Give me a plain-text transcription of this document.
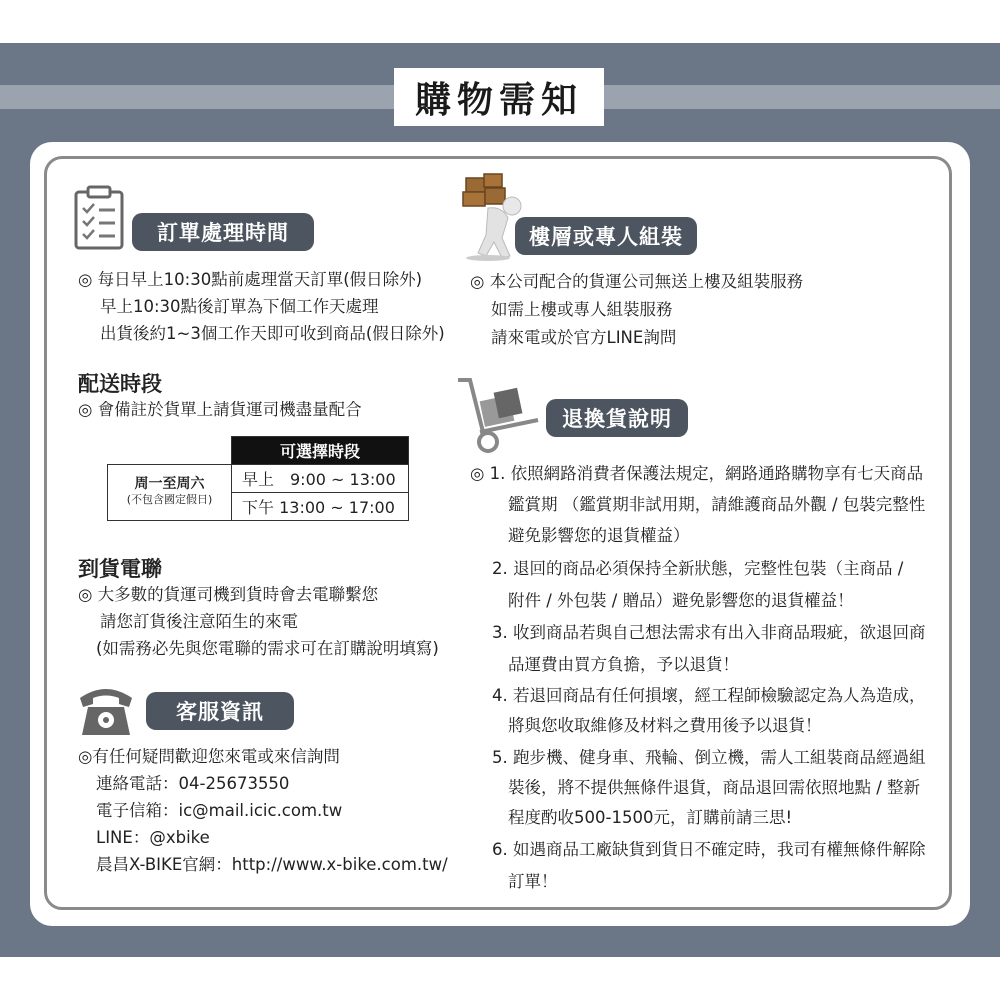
購物需知
訂單處理時間
◎ 每日早上10:30點前處理當天訂單(假日除外)
早上10:30點後訂單為下個工作天處理
出貨後約1~3個工作天即可收到商品(假日除外)
配送時段
◎ 會備註於貨單上請貨運司機盡量配合
	可選擇時段
周一至周六
(不包含國定假日)	早上　9:00 ~ 13:00
	下午 13:00 ~ 17:00
到貨電聯
◎ 大多數的貨運司機到貨時會去電聯繫您
請您訂貨後注意陌生的來電
(如需務必先與您電聯的需求可在訂購說明填寫)
客服資訊
◎有任何疑問歡迎您來電或來信詢問
連絡電話：04-25673550
電子信箱：ic@mail.icic.com.tw
LINE：@xbike
晨昌X-BIKE官網：http://www.x-bike.com.tw/
樓層或專人組裝
◎ 本公司配合的貨運公司無送上樓及組裝服務
如需上樓或專人組裝服務
請來電或於官方LINE詢問
退換貨說明
◎ 1. 依照網路消費者保護法規定，網路通路購物享有七天商品
鑑賞期 （鑑賞期非試用期，請維護商品外觀 / 包裝完整性
避免影響您的退貨權益）
2. 退回的商品必須保持全新狀態，完整性包裝（主商品 /
附件 / 外包裝 / 贈品）避免影響您的退貨權益！
3. 收到商品若與自己想法需求有出入非商品瑕疵，欲退回商
品運費由買方負擔，予以退貨！
4. 若退回商品有任何損壞，經工程師檢驗認定為人為造成，
將與您收取維修及材料之費用後予以退貨！
5. 跑步機、健身車、飛輪、倒立機，需人工組裝商品經過組
裝後，將不提供無條件退貨，商品退回需依照地點 / 整新
程度酌收500-1500元，訂購前請三思!
6. 如遇商品工廠缺貨到貨日不確定時，我司有權無條件解除
訂單！
